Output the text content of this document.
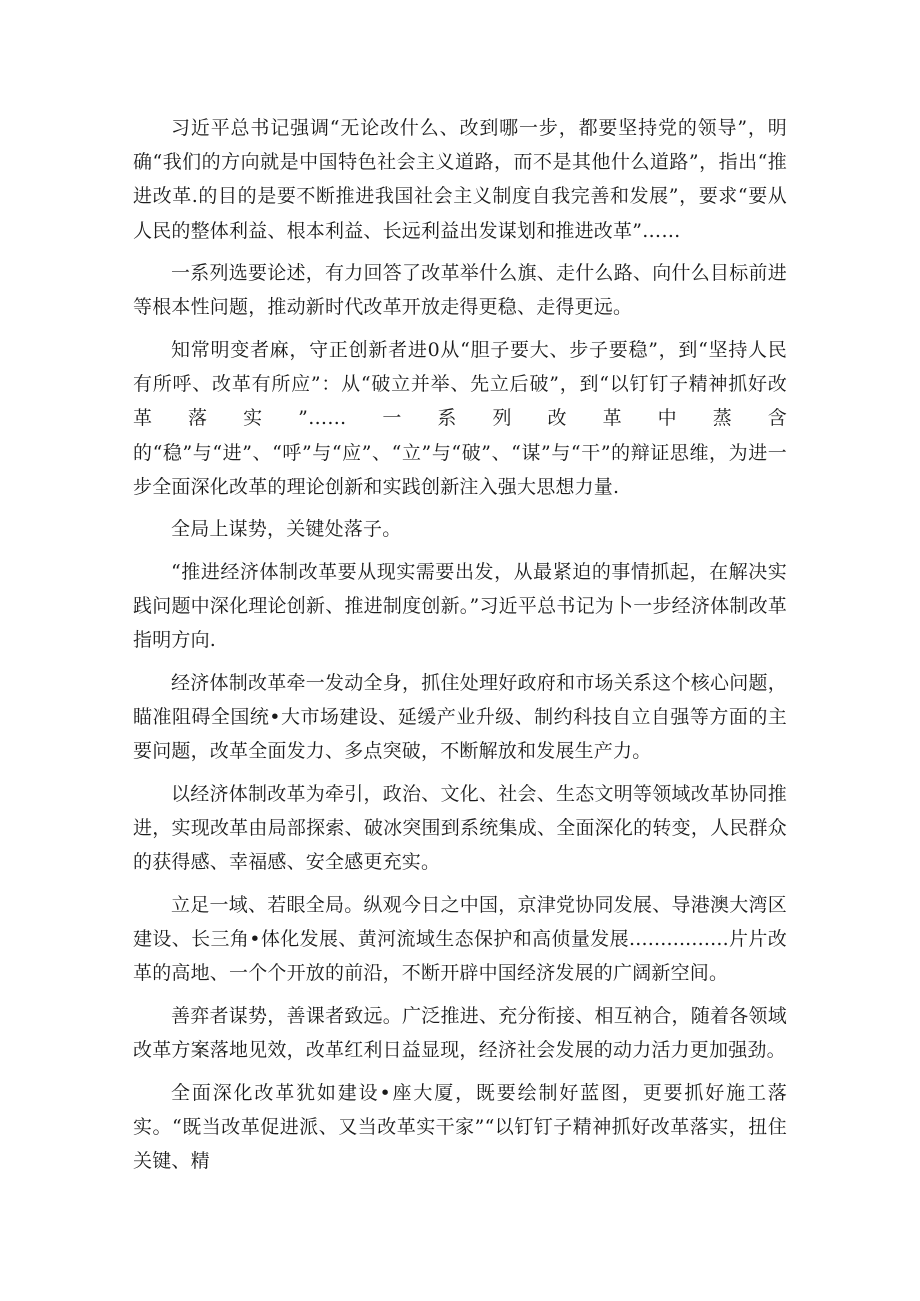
习近平总书记强调“无论改什么、改到哪一步，都要坚持党的领导”，明确“我们的方向就是中国特色社会主义道路，而不是其他什么道路”，指出“推进改革.的目的是要不断推进我国社会主义制度自我完善和发展”，要求“要从人民的整体利益、根本利益、长远利益出发谋划和推进改革”……

一系列选要论述，有力回答了改革举什么旗、走什么路、向什么目标前进等根本性问题，推动新时代改革开放走得更稳、走得更远。

知常明变者麻，守正创新者进0从“胆子要大、步子要稳”，到“坚持人民有所呼、改革有所应”：从“破立并举、先立后破”，到“以钉钉子精神抓好改革落实”……一系列改革中蒸含的“稳”与“进”、“呼”与“应”、“立”与“破”、“谋”与“干”的辩证思维，为进一步全面深化改革的理论创新和实践创新注入强大思想力量.

全局上谋势，关键处落子。

“推进经济体制改革要从现实需要出发，从最紧迫的事情抓起，在解决实践问题中深化理论创新、推进制度创新。”习近平总书记为卜一步经济体制改革指明方向.

经济体制改革牵一发动全身，抓住处理好政府和市场关系这个核心问题，瞄准阻碍全国统•大市场建设、延缓产业升级、制约科技自立自强等方面的主要问题，改革全面发力、多点突破，不断解放和发展生产力。

以经济体制改革为牵引，政治、文化、社会、生态文明等领域改革协同推进，实现改革由局部探索、破冰突围到系统集成、全面深化的转变，人民群众的获得感、幸福感、安全感更充实。

立足一域、若眼全局。纵观今日之中国，京津党协同发展、导港澳大湾区建设、长三角•体化发展、黄河流域生态保护和高侦量发展................片片改革的高地、一个个开放的前沿，不断开辟中国经济发展的广阔新空间。

善弈者谋势，善课者致远。广泛推进、充分衔接、相互衲合，随着各领域改革方案落地见效，改革红利日益显现，经济社会发展的动力活力更加强劲。

全面深化改革犹如建设•座大厦，既要绘制好蓝图，更要抓好施工落实。“既当改革促进派、又当改革实干家”“以钉钉子精神抓好改革落实，扭住关键、精
